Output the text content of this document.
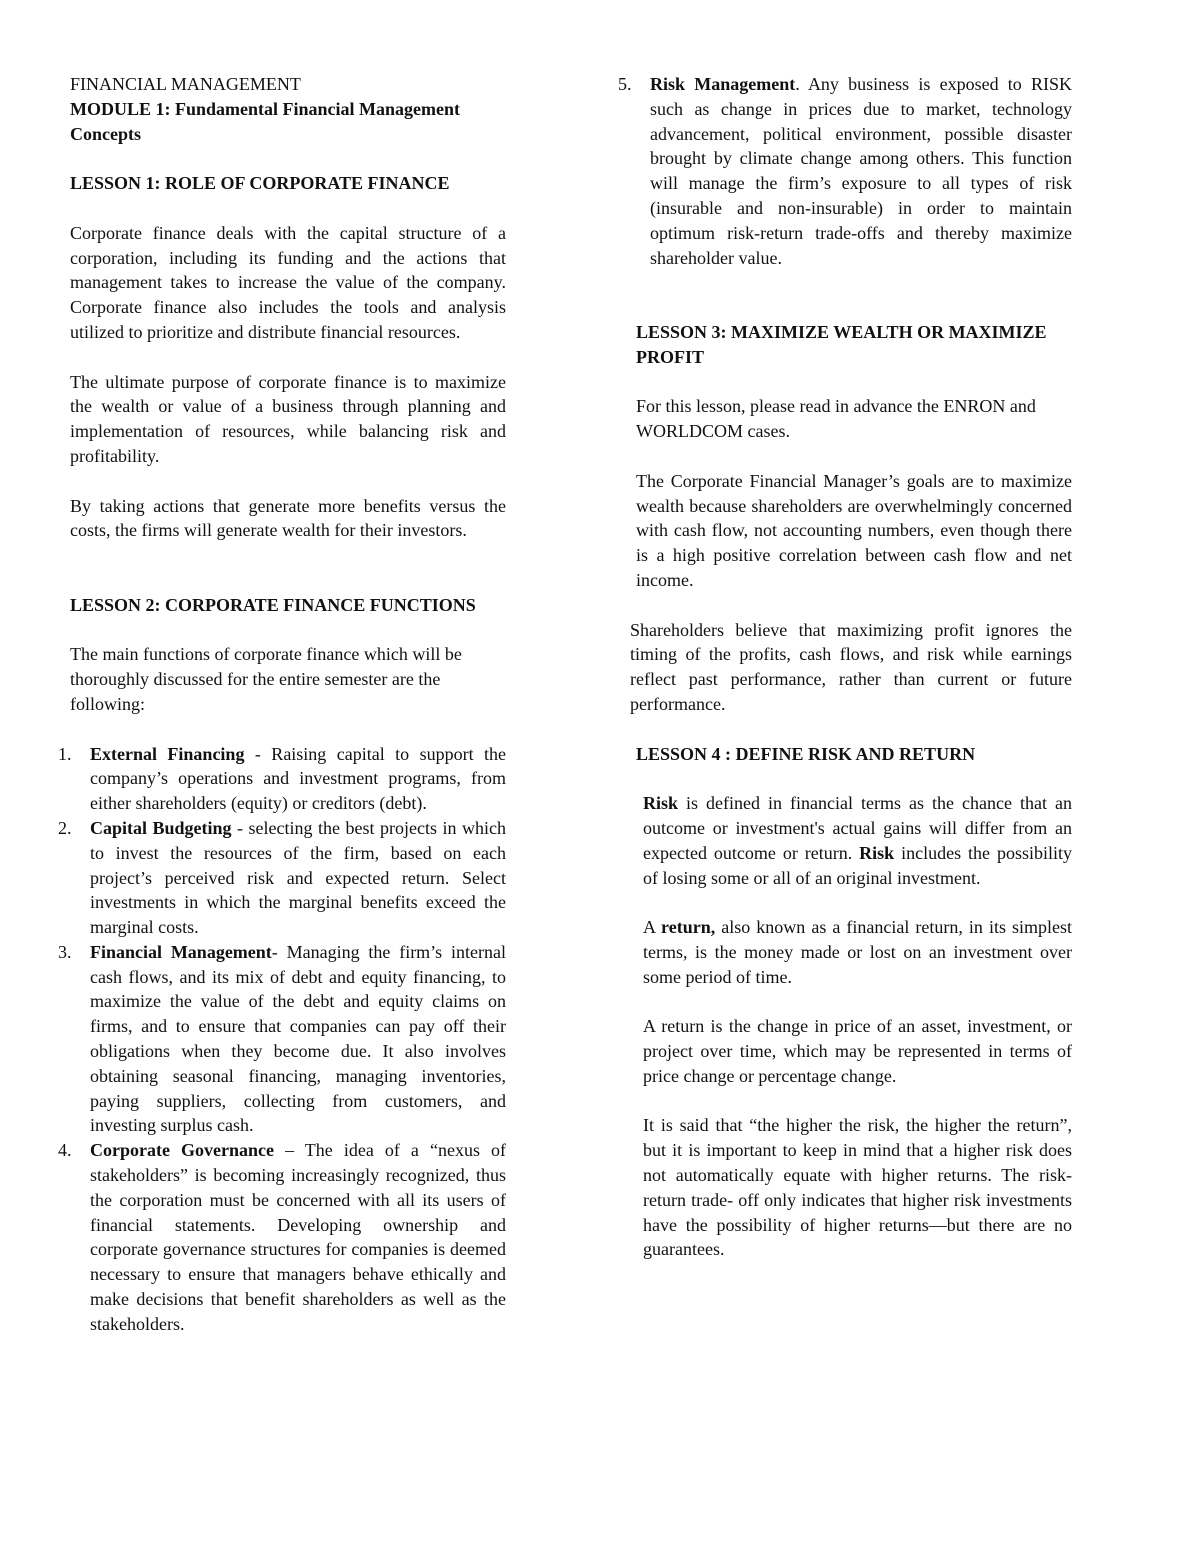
FINANCIAL MANAGEMENT

MODULE 1: Fundamental Financial Management Concepts

LESSON 1: ROLE OF CORPORATE FINANCE

Corporate finance deals with the capital structure of a corporation, including its funding and the actions that management takes to increase the value of the company. Corporate finance also includes the tools and analysis utilized to prioritize and distribute financial resources.

The ultimate purpose of corporate finance is to maximize the wealth or value of a business through planning and implementation of resources, while balancing risk and profitability.

By taking actions that generate more benefits versus the costs, the firms will generate wealth for their investors.

LESSON 2: CORPORATE FINANCE FUNCTIONS

The main functions of corporate finance which will be thoroughly discussed for the entire semester are the following:

1. External Financing - Raising capital to support the company’s operations and investment programs, from either shareholders (equity) or creditors (debt).
2. Capital Budgeting - selecting the best projects in which to invest the resources of the firm, based on each project’s perceived risk and expected return. Select investments in which the marginal benefits exceed the marginal costs.
3. Financial Management- Managing the firm’s internal cash flows, and its mix of debt and equity financing, to maximize the value of the debt and equity claims on firms, and to ensure that companies can pay off their obligations when they become due. It also involves obtaining seasonal financing, managing inventories, paying suppliers, collecting from customers, and investing surplus cash.
4. Corporate Governance – The idea of a “nexus of stakeholders” is becoming increasingly recognized, thus the corporation must be concerned with all its users of financial statements. Developing ownership and corporate governance structures for companies is deemed necessary to ensure that managers behave ethically and make decisions that benefit shareholders as well as the stakeholders.
5. Risk Management. Any business is exposed to RISK such as change in prices due to market, technology advancement, political environment, possible disaster brought by climate change among others. This function will manage the firm’s exposure to all types of risk (insurable and non-insurable) in order to maintain optimum risk-return trade-offs and thereby maximize shareholder value.

LESSON 3: MAXIMIZE WEALTH OR MAXIMIZE PROFIT

For this lesson, please read in advance the ENRON and WORLDCOM cases.

The Corporate Financial Manager’s goals are to maximize wealth because shareholders are overwhelmingly concerned with cash flow, not accounting numbers, even though there is a high positive correlation between cash flow and net income.

Shareholders believe that maximizing profit ignores the timing of the profits, cash flows, and risk while earnings reflect past performance, rather than current or future performance.

LESSON 4 : DEFINE RISK AND RETURN

Risk is defined in financial terms as the chance that an outcome or investment's actual gains will differ from an expected outcome or return. Risk includes the possibility of losing some or all of an original investment.

A return, also known as a financial return, in its simplest terms, is the money made or lost on an investment over some period of time.

A return is the change in price of an asset, investment, or project over time, which may be represented in terms of price change or percentage change.

It is said that “the higher the risk, the higher the return”, but it is important to keep in mind that a higher risk does not automatically equate with higher returns. The risk-return trade- off only indicates that higher risk investments have the possibility of higher returns—but there are no guarantees.
